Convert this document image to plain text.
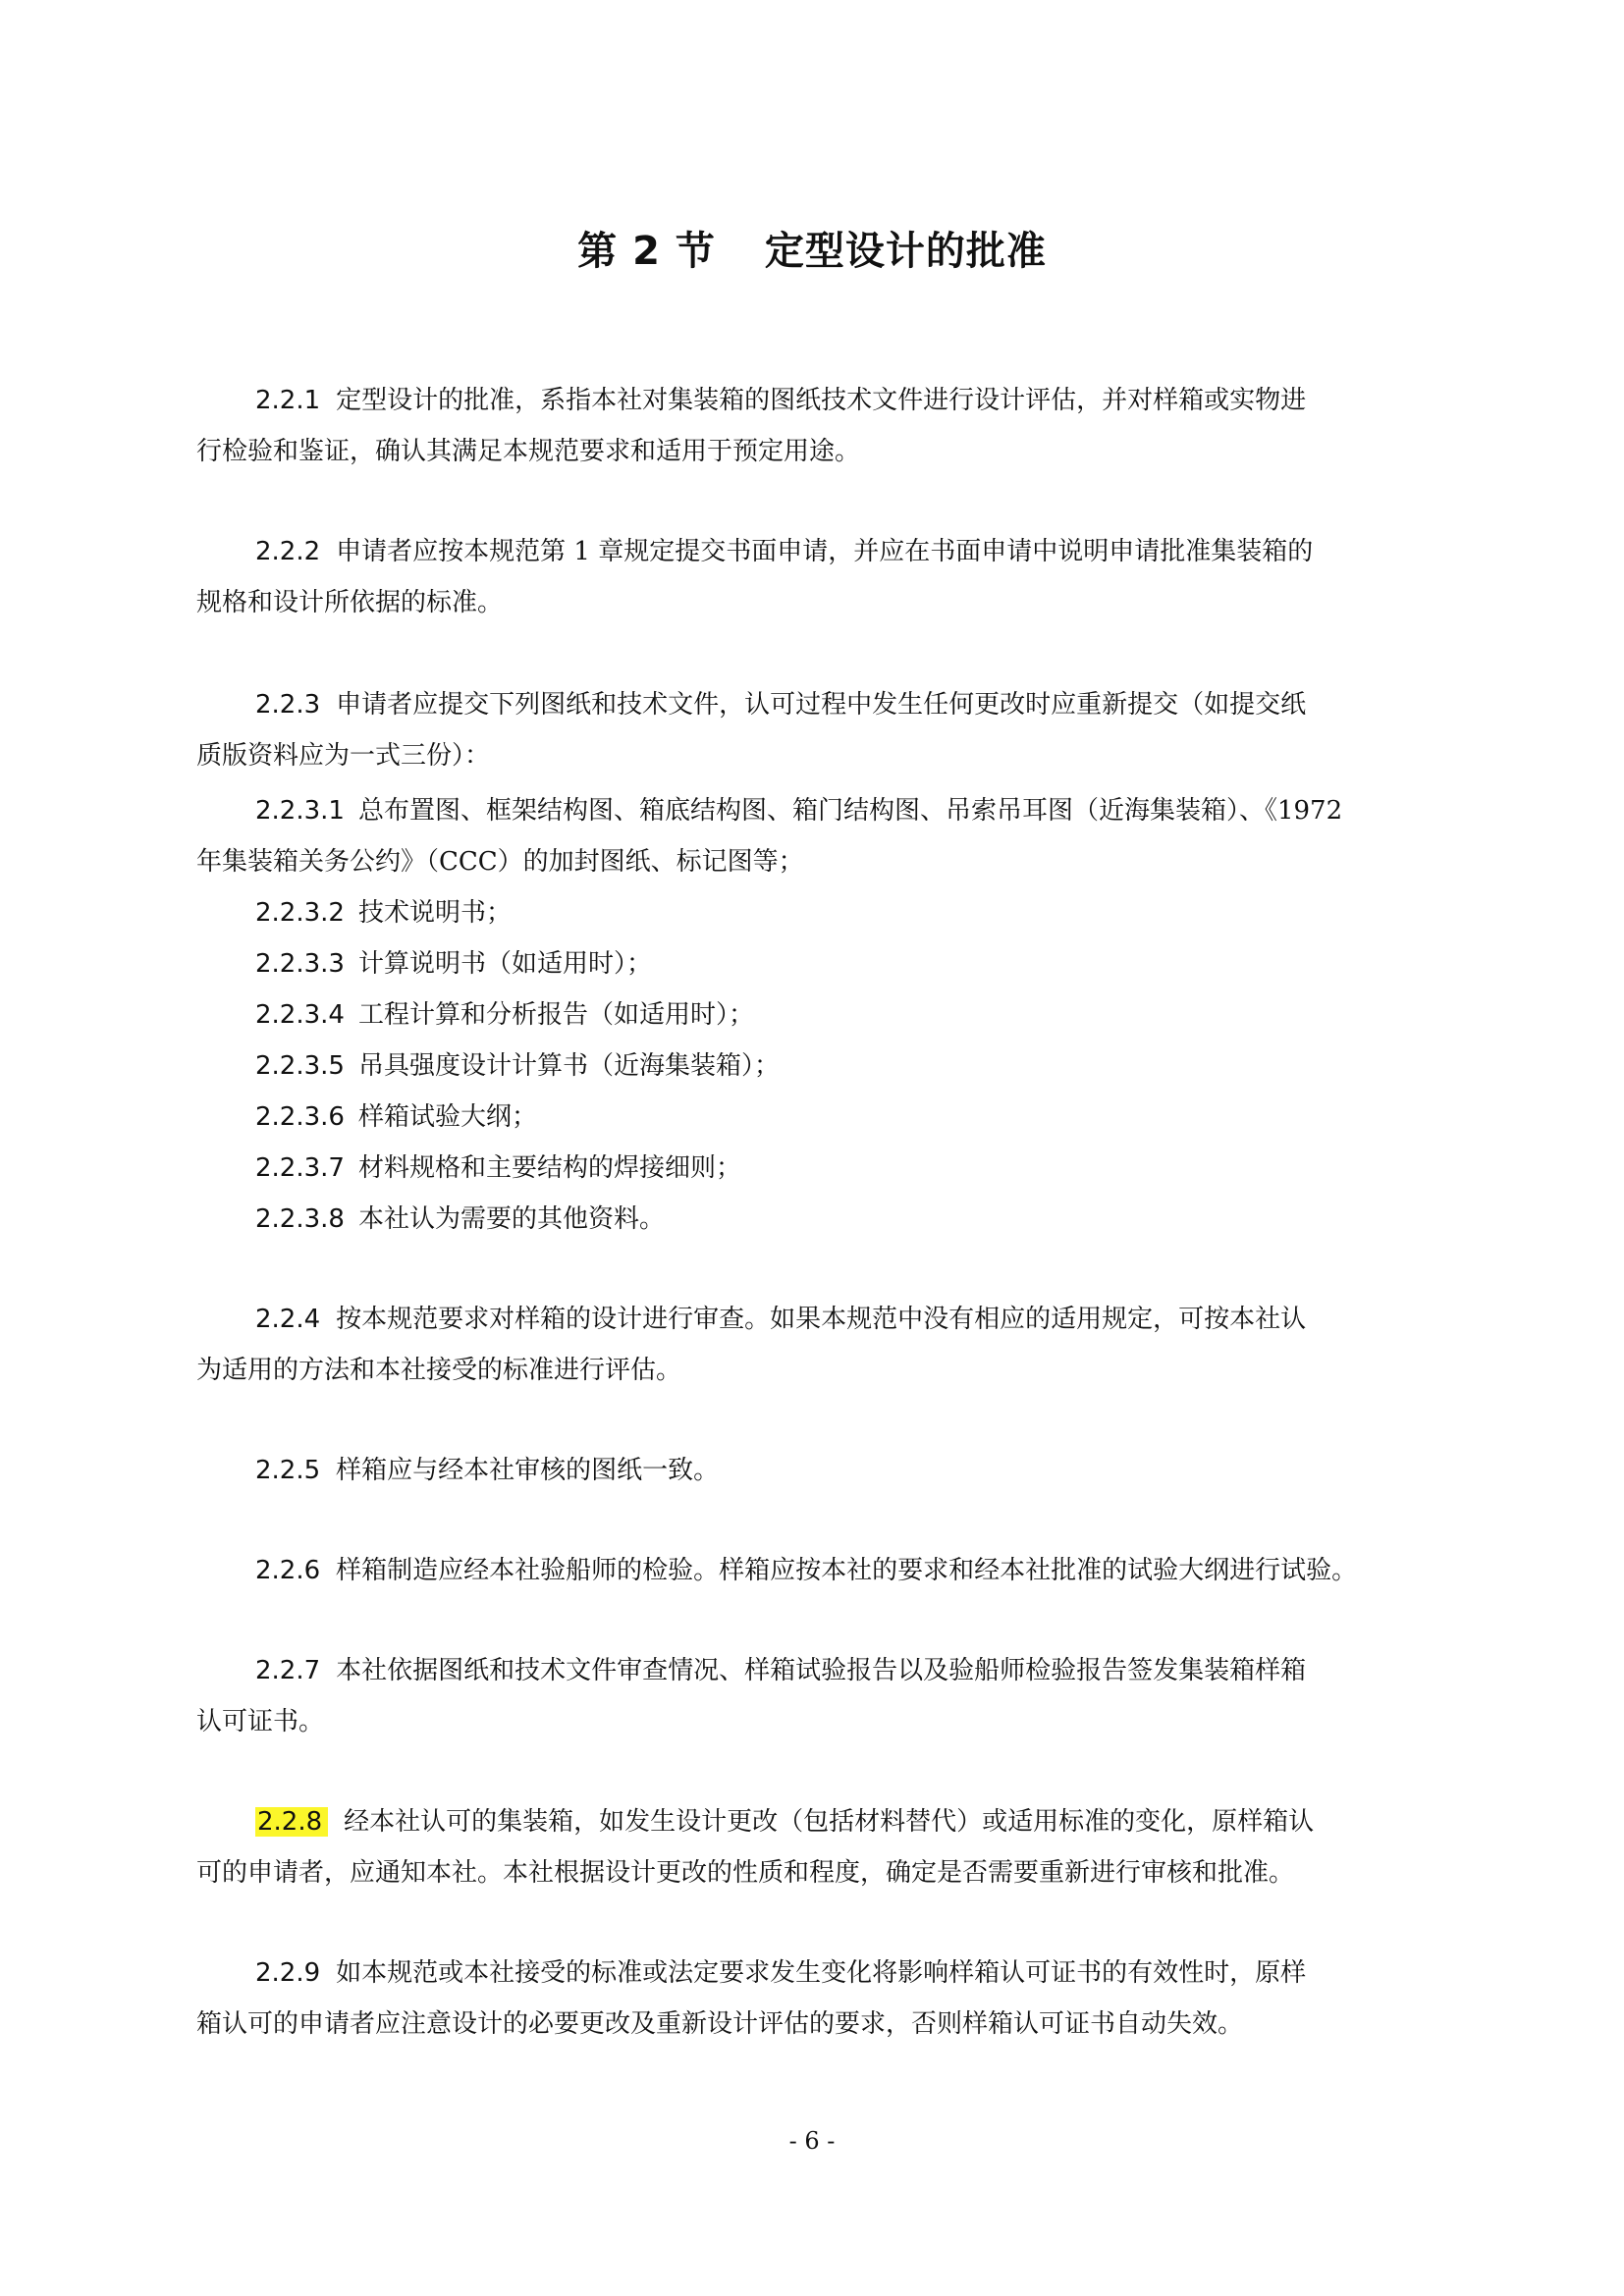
第 2 节 定型设计的批准
2.2.1 定型设计的批准，系指本社对集装箱的图纸技术文件进行设计评估，并对样箱或实物进
行检验和鉴证，确认其满足本规范要求和适用于预定用途。
2.2.2 申请者应按本规范第 1 章规定提交书面申请，并应在书面申请中说明申请批准集装箱的
规格和设计所依据的标准。
2.2.3 申请者应提交下列图纸和技术文件，认可过程中发生任何更改时应重新提交（如提交纸
质版资料应为一式三份）：
2.2.3.1 总布置图、框架结构图、箱底结构图、箱门结构图、吊索吊耳图（近海集装箱）、《1972
年集装箱关务公约》（CCC）的加封图纸、标记图等；
2.2.3.2 技术说明书；
2.2.3.3 计算说明书（如适用时）；
2.2.3.4 工程计算和分析报告（如适用时）；
2.2.3.5 吊具强度设计计算书（近海集装箱）；
2.2.3.6 样箱试验大纲；
2.2.3.7 材料规格和主要结构的焊接细则；
2.2.3.8 本社认为需要的其他资料。
2.2.4 按本规范要求对样箱的设计进行审查。如果本规范中没有相应的适用规定，可按本社认
为适用的方法和本社接受的标准进行评估。
2.2.5 样箱应与经本社审核的图纸一致。
2.2.6 样箱制造应经本社验船师的检验。样箱应按本社的要求和经本社批准的试验大纲进行试验。
2.2.7 本社依据图纸和技术文件审查情况、样箱试验报告以及验船师检验报告签发集装箱样箱
认可证书。
2.2.8 经本社认可的集装箱，如发生设计更改（包括材料替代）或适用标准的变化，原样箱认
可的申请者，应通知本社。本社根据设计更改的性质和程度，确定是否需要重新进行审核和批准。
2.2.9 如本规范或本社接受的标准或法定要求发生变化将影响样箱认可证书的有效性时，原样
箱认可的申请者应注意设计的必要更改及重新设计评估的要求，否则样箱认可证书自动失效。
- 6 -
